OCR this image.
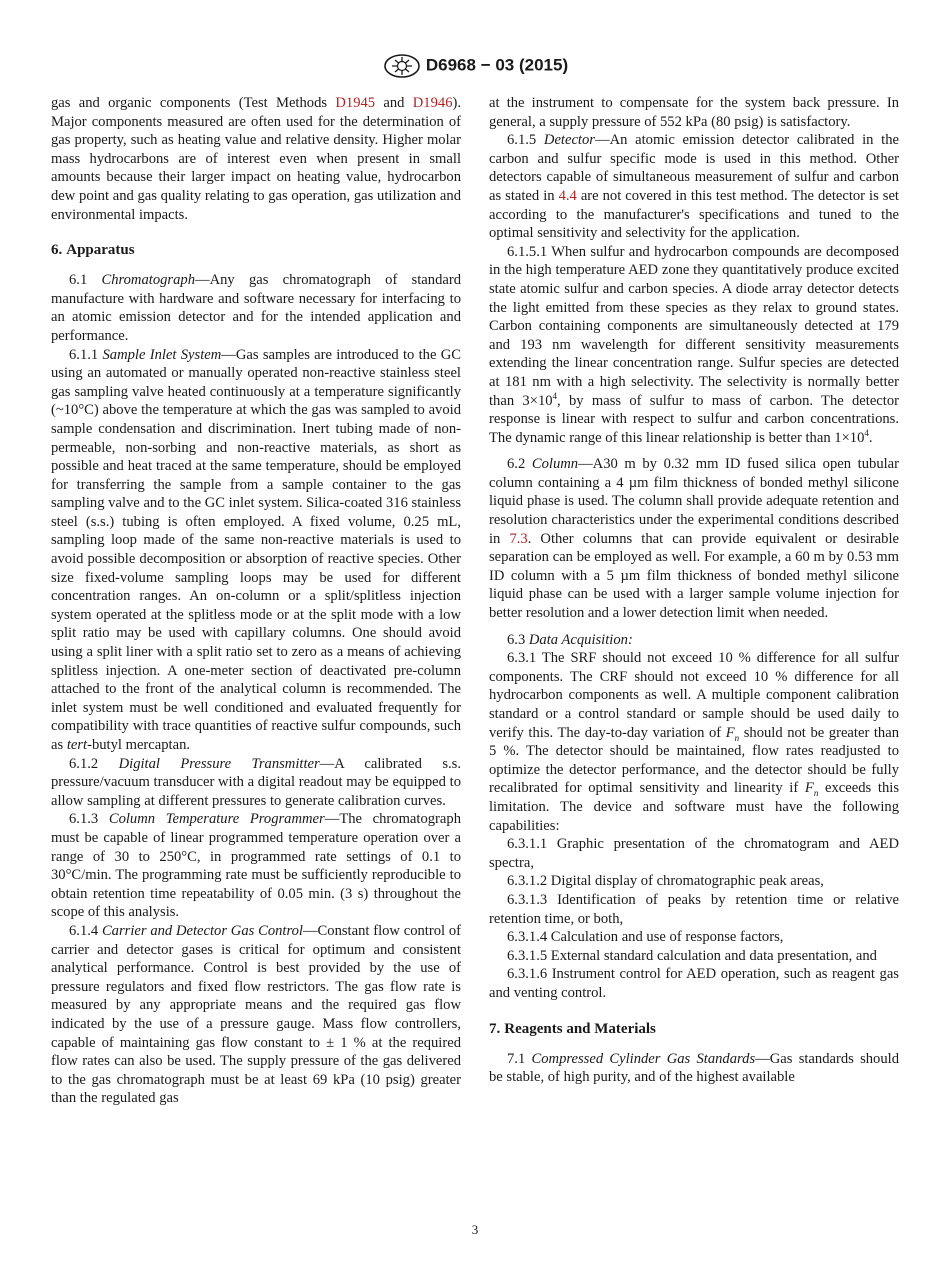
D6968 − 03 (2015)

gas and organic components (Test Methods D1945 and D1946). Major components measured are often used for the determination of gas property, such as heating value and relative density. Higher molar mass hydrocarbons are of interest even when present in small amounts because their larger impact on heating value, hydrocarbon dew point and gas quality relating to gas operation, gas utilization and environmental impacts.

6. Apparatus

6.1 Chromatograph—Any gas chromatograph of standard manufacture with hardware and software necessary for interfacing to an atomic emission detector and for the intended application and performance.

6.1.1 Sample Inlet System—Gas samples are introduced to the GC using an automated or manually operated non-reactive stainless steel gas sampling valve heated continuously at a temperature significantly (~10°C) above the temperature at which the gas was sampled to avoid sample condensation and discrimination. Inert tubing made of non-permeable, non-sorbing and non-reactive materials, as short as possible and heat traced at the same temperature, should be employed for transferring the sample from a sample container to the gas sampling valve and to the GC inlet system. Silica-coated 316 stainless steel (s.s.) tubing is often employed. A fixed volume, 0.25 mL, sampling loop made of the same non-reactive materials is used to avoid possible decomposition or absorption of reactive species. Other size fixed-volume sampling loops may be used for different concentration ranges. An on-column or a split/splitless injection system operated at the splitless mode or at the split mode with a low split ratio may be used with capillary columns. One should avoid using a split liner with a split ratio set to zero as a means of achieving splitless injection. A one-meter section of deactivated pre-column attached to the front of the analytical column is recommended. The inlet system must be well conditioned and evaluated frequently for compatibility with trace quantities of reactive sulfur compounds, such as tert-butyl mercaptan.

6.1.2 Digital Pressure Transmitter—A calibrated s.s. pressure/vacuum transducer with a digital readout may be equipped to allow sampling at different pressures to generate calibration curves.

6.1.3 Column Temperature Programmer—The chromatograph must be capable of linear programmed temperature operation over a range of 30 to 250°C, in programmed rate settings of 0.1 to 30°C/min. The programming rate must be sufficiently reproducible to obtain retention time repeatability of 0.05 min. (3 s) throughout the scope of this analysis.

6.1.4 Carrier and Detector Gas Control—Constant flow control of carrier and detector gases is critical for optimum and consistent analytical performance. Control is best provided by the use of pressure regulators and fixed flow restrictors. The gas flow rate is measured by any appropriate means and the required gas flow indicated by the use of a pressure gauge. Mass flow controllers, capable of maintaining gas flow constant to ± 1 % at the required flow rates can also be used. The supply pressure of the gas delivered to the gas chromatograph must be at least 69 kPa (10 psig) greater than the regulated gas

at the instrument to compensate for the system back pressure. In general, a supply pressure of 552 kPa (80 psig) is satisfactory.

6.1.5 Detector—An atomic emission detector calibrated in the carbon and sulfur specific mode is used in this method. Other detectors capable of simultaneous measurement of sulfur and carbon as stated in 4.4 are not covered in this test method. The detector is set according to the manufacturer's specifications and tuned to the optimal sensitivity and selectivity for the application.

6.1.5.1 When sulfur and hydrocarbon compounds are decomposed in the high temperature AED zone they quantitatively produce excited state atomic sulfur and carbon species. A diode array detector detects the light emitted from these species as they relax to ground states. Carbon containing components are simultaneously detected at 179 and 193 nm wavelength for different sensitivity measurements extending the linear concentration range. Sulfur species are detected at 181 nm with a high selectivity. The selectivity is normally better than $3\times 10^4$, by mass of sulfur to mass of carbon. The detector response is linear with respect to sulfur and carbon concentrations. The dynamic range of this linear relationship is better than $1\times 10^4$.

6.2 Column—A30 m by 0.32 mm ID fused silica open tubular column containing a 4 µm film thickness of bonded methyl silicone liquid phase is used. The column shall provide adequate retention and resolution characteristics under the experimental conditions described in 7.3. Other columns that can provide equivalent or desirable separation can be employed as well. For example, a 60 m by 0.53 mm ID column with a 5 µm film thickness of bonded methyl silicone liquid phase can be used with a larger sample volume injection for better resolution and a lower detection limit when needed.

6.3 Data Acquisition:

6.3.1 The SRF should not exceed 10 % difference for all sulfur components. The CRF should not exceed 10 % difference for all hydrocarbon components as well. A multiple component calibration standard or a control standard or sample should be used daily to verify this. The day-to-day variation of $F_n$ should not be greater than 5 %. The detector should be maintained, flow rates readjusted to optimize the detector performance, and the detector should be fully recalibrated for optimal sensitivity and linearity if $F_n$ exceeds this limitation. The device and software must have the following capabilities:

6.3.1.1 Graphic presentation of the chromatogram and AED spectra,

6.3.1.2 Digital display of chromatographic peak areas,

6.3.1.3 Identification of peaks by retention time or relative retention time, or both,

6.3.1.4 Calculation and use of response factors,

6.3.1.5 External standard calculation and data presentation, and

6.3.1.6 Instrument control for AED operation, such as reagent gas and venting control.

7. Reagents and Materials

7.1 Compressed Cylinder Gas Standards—Gas standards should be stable, of high purity, and of the highest available

3
